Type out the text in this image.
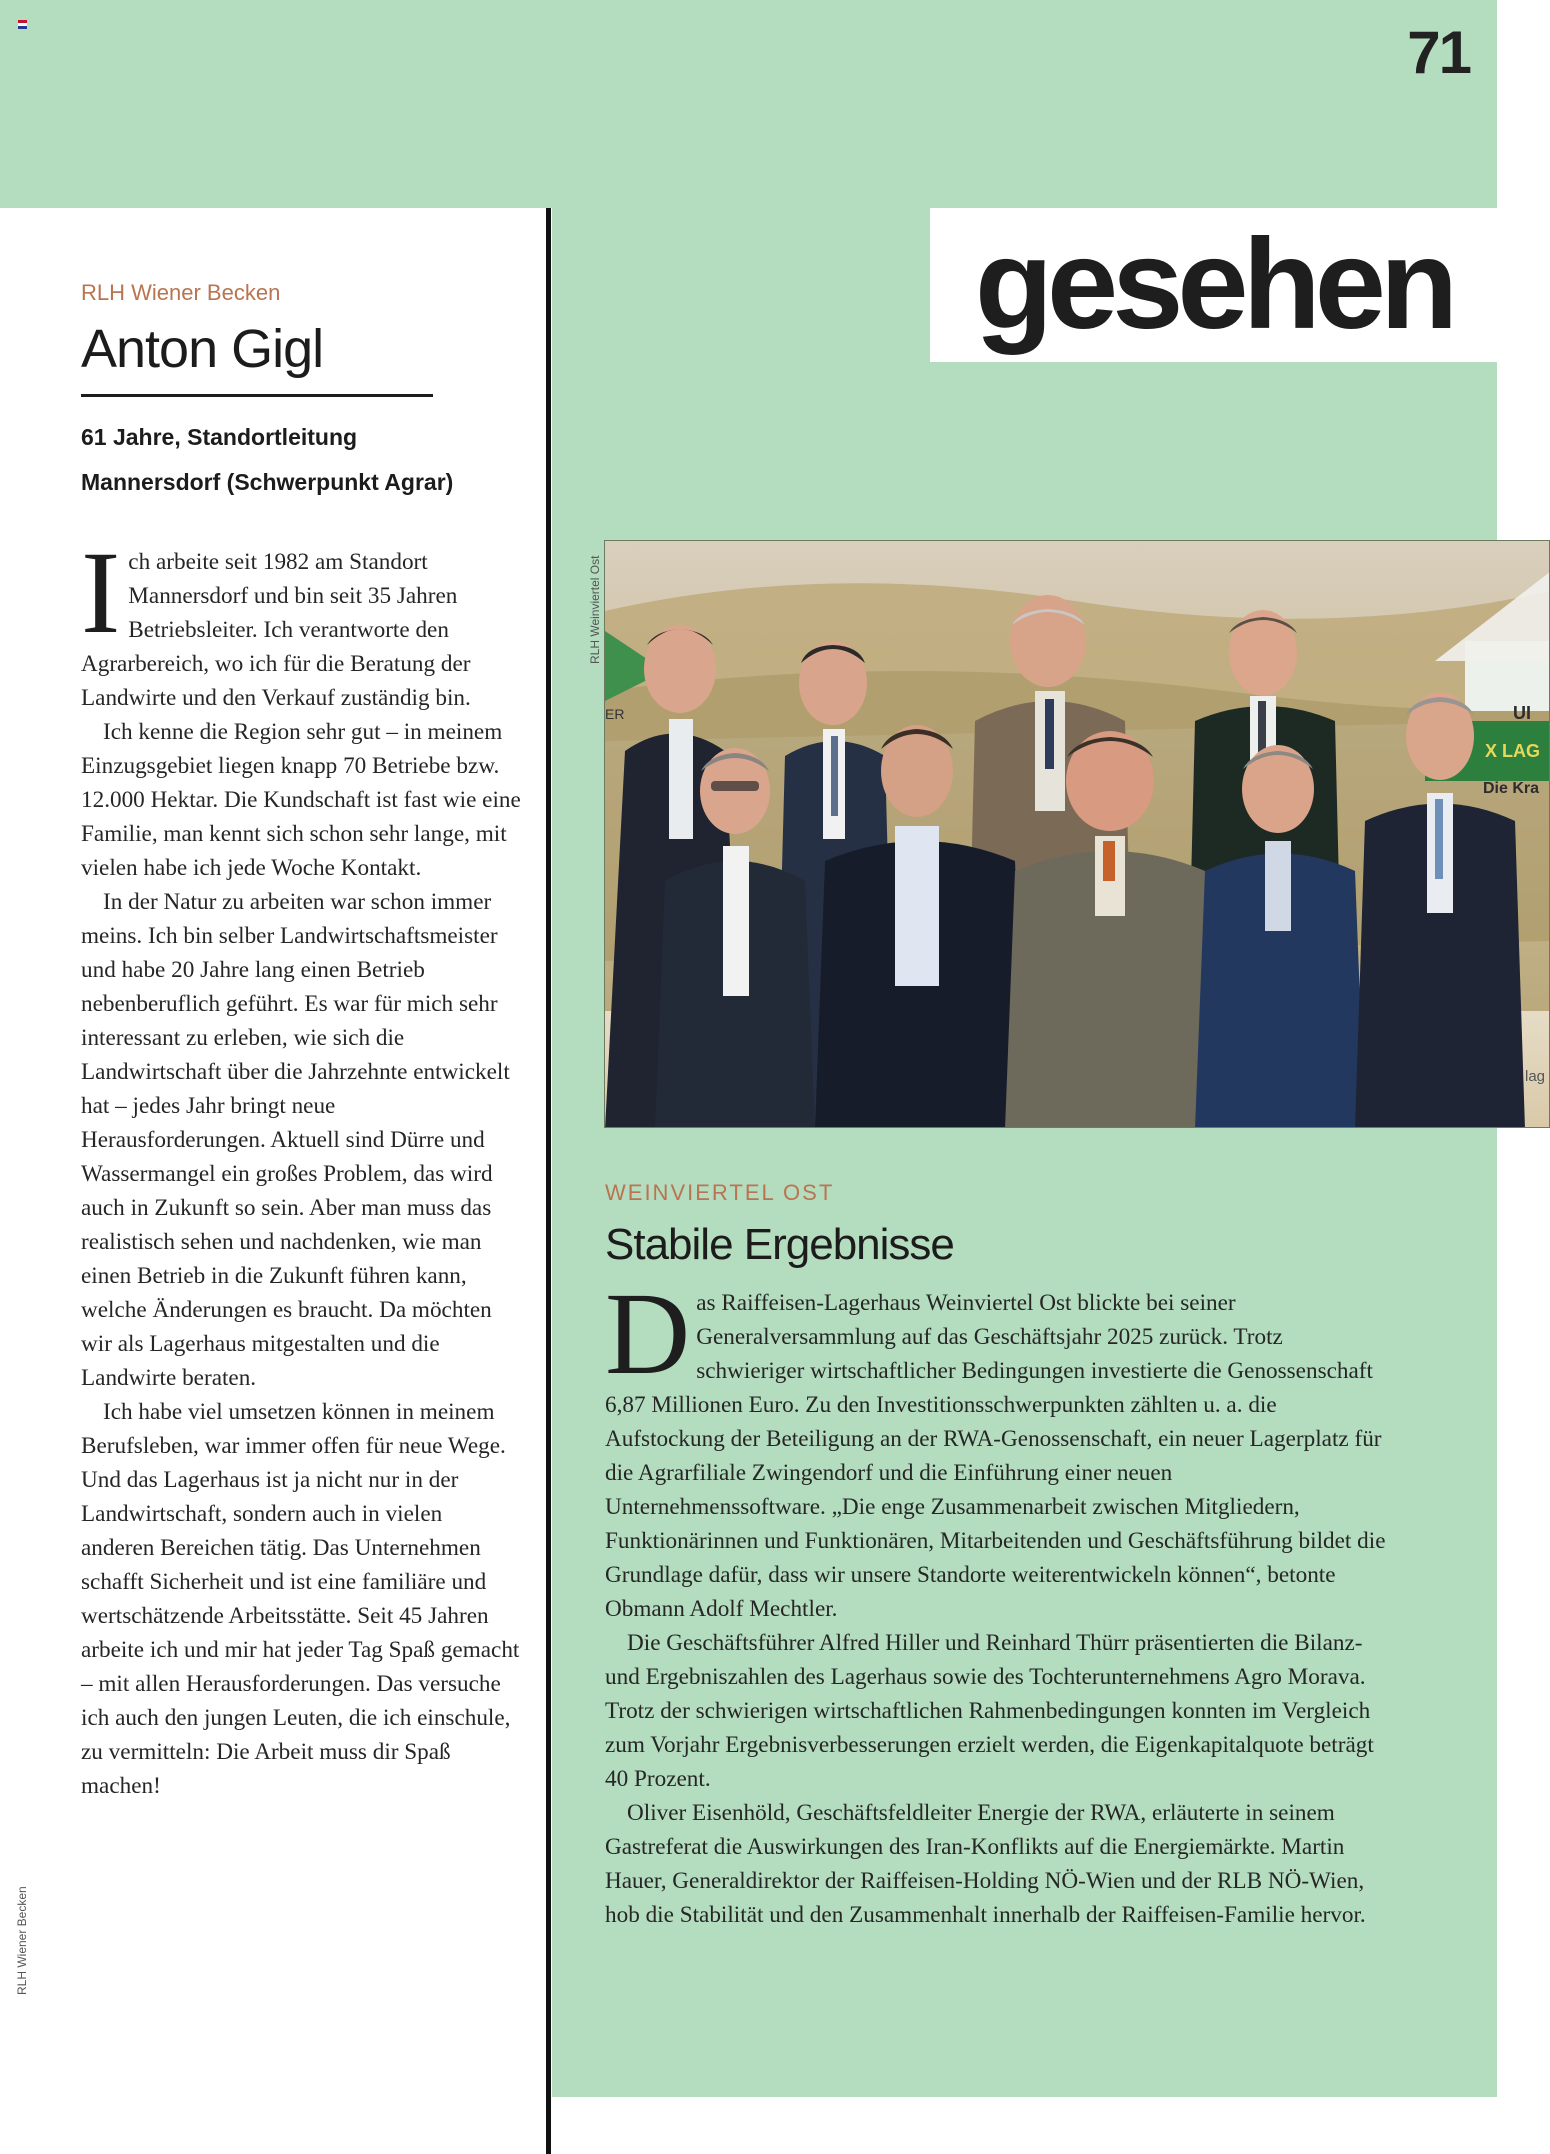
71
gesehen
RLH Wiener Becken
Anton Gigl
61 Jahre, Standortleitung
Mannersdorf (Schwerpunkt Agrar)

Ich arbeite seit 1982 am Standort Mannersdorf und bin seit 35 Jahren Betriebsleiter. Ich verantworte den Agrarbereich, wo ich für die Beratung der Landwirte und den Verkauf zuständig bin.

Ich kenne die Region sehr gut – in meinem Einzugsgebiet liegen knapp 70 Betriebe bzw. 12.000 Hektar. Die Kundschaft ist fast wie eine Familie, man kennt sich schon sehr lange, mit vielen habe ich jede Woche Kontakt.

In der Natur zu arbeiten war schon immer meins. Ich bin selber Landwirtschaftsmeister und habe 20 Jahre lang einen Betrieb nebenberuflich geführt. Es war für mich sehr interessant zu erleben, wie sich die Landwirtschaft über die Jahrzehnte entwickelt hat – jedes Jahr bringt neue Herausforderungen. Aktuell sind Dürre und Wassermangel ein großes Problem, das wird auch in Zukunft so sein. Aber man muss das realistisch sehen und nachdenken, wie man einen Betrieb in die Zukunft führen kann, welche Änderungen es braucht. Da möchten wir als Lagerhaus mitgestalten und die Landwirte beraten.

Ich habe viel umsetzen können in meinem Berufsleben, war immer offen für neue Wege. Und das Lagerhaus ist ja nicht nur in der Landwirtschaft, sondern auch in vielen anderen Bereichen tätig. Das Unternehmen schafft Sicherheit und ist eine familiäre und wertschätzende Arbeitsstätte. Seit 45 Jahren arbeite ich und mir hat jeder Tag Spaß gemacht – mit allen Herausforderungen. Das versuche ich auch den jungen Leuten, die ich einschule, zu vermitteln: Die Arbeit muss dir Spaß machen!

RLH Wiener Becken
RLH Weinviertel Ost
UI
X LAG
Die Kra
lag
ER
WEINVIERTEL OST
Stabile Ergebnisse

Das Raiffeisen-Lagerhaus Weinviertel Ost blickte bei seiner Generalversammlung auf das Geschäftsjahr 2025 zurück. Trotz schwieriger wirtschaftlicher Bedingungen investierte die Genossenschaft 6,87 Millionen Euro. Zu den Investitionsschwerpunkten zählten u. a. die Aufstockung der Beteiligung an der RWA-Genossenschaft, ein neuer Lagerplatz für die Agrarfiliale Zwingendorf und die Einführung einer neuen Unternehmenssoftware. „Die enge Zusammenarbeit zwischen Mitgliedern, Funktionärinnen und Funktionären, Mitarbeitenden und Geschäftsführung bildet die Grundlage dafür, dass wir unsere Standorte weiterentwickeln können“, betonte Obmann Adolf Mechtler.

Die Geschäftsführer Alfred Hiller und Reinhard Thürr präsentierten die Bilanz- und Ergebniszahlen des Lagerhaus sowie des Tochterunternehmens Agro Morava. Trotz der schwierigen wirtschaftlichen Rahmenbedingungen konnten im Vergleich zum Vorjahr Ergebnisverbesserungen erzielt werden, die Eigenkapitalquote beträgt 40 Prozent.

Oliver Eisenhöld, Geschäftsfeldleiter Energie der RWA, erläuterte in seinem Gastreferat die Auswirkungen des Iran-Konflikts auf die Energiemärkte. Martin Hauer, Generaldirektor der Raiffeisen-Holding NÖ-Wien und der RLB NÖ-Wien, hob die Stabilität und den Zusammenhalt innerhalb der Raiffeisen-Familie hervor.
